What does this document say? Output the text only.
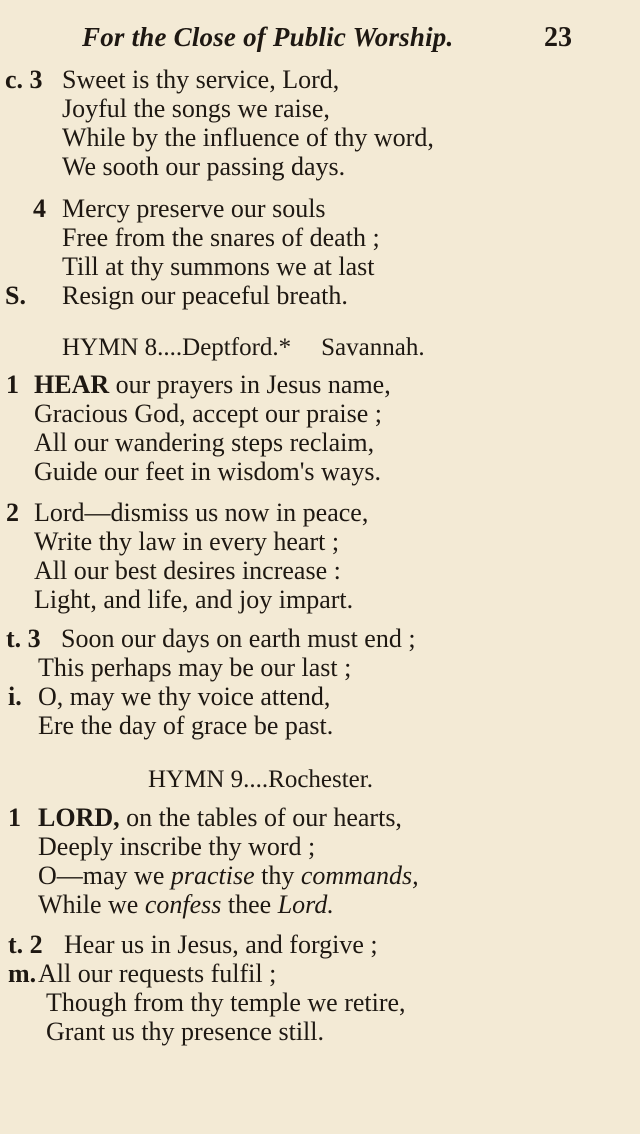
For the Close of Public Worship.	23
c. 3 Sweet is thy service, Lord,
Joyful the songs we raise,
While by the influence of thy word,
We sooth our passing days.
4 Mercy preserve our souls
Free from the snares of death ;
Till at thy summons we at last
S. Resign our peaceful breath.
HYMN 8....Deptford.* Savannah.
1 HEAR our prayers in Jesus name,
Gracious God, accept our praise ;
All our wandering steps reclaim,
Guide our feet in wisdom's ways.
2 Lord—dismiss us now in peace,
Write thy law in every heart ;
All our best desires increase :
Light, and life, and joy impart.
t. 3 Soon our days on earth must end ;
This perhaps may be our last ;
i. O, may we thy voice attend,
Ere the day of grace be past.
HYMN 9....Rochester.
1 LORD, on the tables of our hearts,
Deeply inscribe thy word ;
O—may we practise thy commands,
While we confess thee Lord.
t. 2 Hear us in Jesus, and forgive ;
m. All our requests fulfil ;
Though from thy temple we retire,
Grant us thy presence still.
